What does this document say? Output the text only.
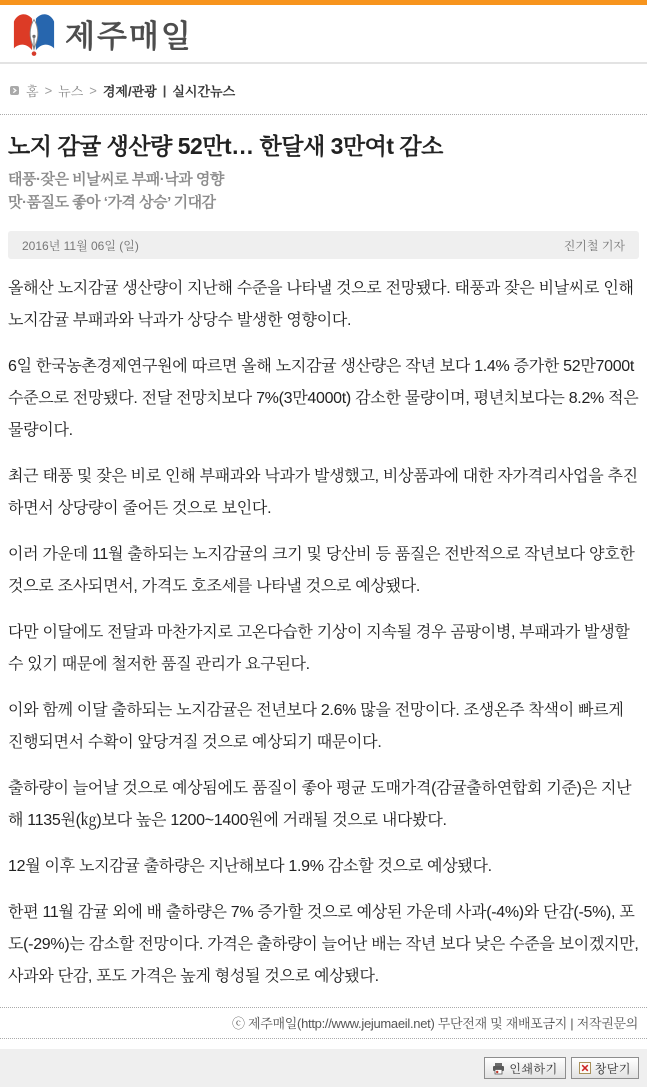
제주매일
홈 > 뉴스 > 경제/관광 | 실시간뉴스
노지 감귤 생산량 52만t… 한달새 3만여t 감소
태풍·잦은 비날씨로 부패·낙과 영향
맛·품질도 좋아 ‘가격 상승’ 기대감
2016년 11월 06일 (일)	진기철 기자

올해산 노지감귤 생산량이 지난해 수준을 나타낼 것으로 전망됐다. 태풍과 잦은 비날씨로 인해 노지감귤 부패과와 낙과가 상당수 발생한 영향이다.

6일 한국농촌경제연구원에 따르면 올해 노지감귤 생산량은 작년 보다 1.4% 증가한 52만7000t 수준으로 전망됐다. 전달 전망치보다 7%(3만4000t) 감소한 물량이며, 평년치보다는 8.2% 적은 물량이다.

최근 태풍 및 잦은 비로 인해 부패과와 낙과가 발생했고, 비상품과에 대한 자가격리사업을 추진하면서 상당량이 줄어든 것으로 보인다.

이러 가운데 11월 출하되는 노지감귤의 크기 및 당산비 등 품질은 전반적으로 작년보다 양호한 것으로 조사되면서, 가격도 호조세를 나타낼 것으로 예상됐다.

다만 이달에도 전달과 마찬가지로 고온다습한 기상이 지속될 경우 곰팡이병, 부패과가 발생할 수 있기 때문에 철저한 품질 관리가 요구된다.

이와 함께 이달 출하되는 노지감귤은 전년보다 2.6% 많을 전망이다. 조생온주 착색이 빠르게 진행되면서 수확이 앞당겨질 것으로 예상되기 때문이다.

출하량이 늘어날 것으로 예상됨에도 품질이 좋아 평균 도매가격(감귤출하연합회 기준)은 지난해 1135원(㎏)보다 높은 1200~1400원에 거래될 것으로 내다봤다.

12월 이후 노지감귤 출하량은 지난해보다 1.9% 감소할 것으로 예상됐다.

한편 11월 감귤 외에 배 출하량은 7% 증가할 것으로 예상된 가운데 사과(-4%)와 단감(-5%), 포도(-29%)는 감소할 전망이다. 가격은 출하량이 늘어난 배는 작년 보다 낮은 수준을 보이겠지만, 사과와 단감, 포도 가격은 높게 형성될 것으로 예상됐다.

ⓒ 제주매일(http://www.jejumaeil.net) 무단전재 및 재배포금지 | 저작권문의
인쇄하기	창닫기
